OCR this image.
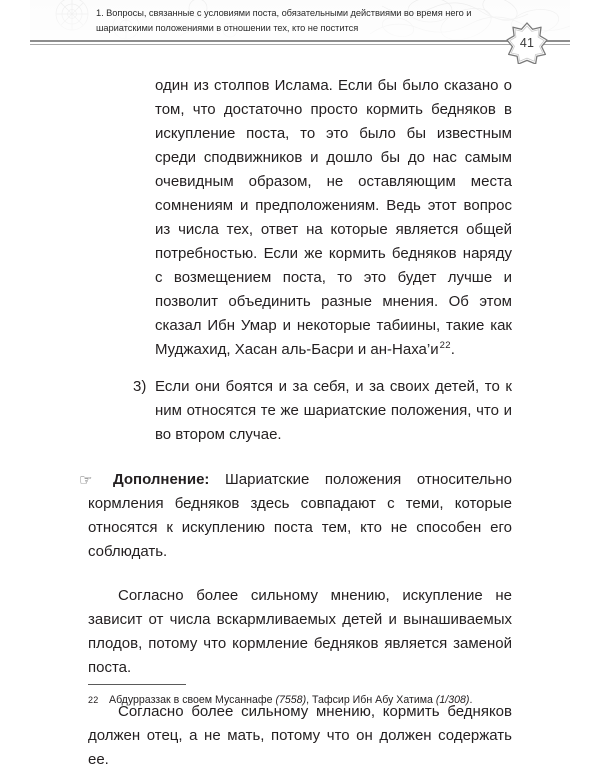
1. Вопросы, связанные с условиями поста, обязательными действиями во время него и шариатскими положениями в отношении тех, кто не постится
41

один из столпов Ислама. Если бы было сказано о том, что достаточно просто кормить бедняков в искупление поста, то это было бы известным среди сподвижников и дошло бы до нас самым очевидным образом, не оставляющим места сомнениям и предположениям. Ведь этот вопрос из числа тех, ответ на которые является общей потребностью. Если же кормить бедняков наряду с возмещением поста, то это будет лучше и позволит объединить разные мнения. Об этом сказал Ибн Умар и некоторые табиины, такие как Муджахид, Хасан аль-Басри и ан-Наха’и$^{22}$.

3) Если они боятся и за себя, и за своих детей, то к ним относятся те же шариатские положения, что и во втором случае.

☞	Дополнение: Шариатские положения относительно кормления бедняков здесь совпадают с теми, которые относятся к искуплению поста тем, кто не способен его соблюдать.

Согласно более сильному мнению, искупление не зависит от числа вскармливаемых детей и вынашиваемых плодов, потому что кормление бедняков является заменой поста.

Согласно более сильному мнению, кормить бедняков должен отец, а не мать, потому что он должен содержать ее.

22 Абдурраззак в своем Мусаннафе (7558), Тафсир Ибн Абу Хатима (1/308).
